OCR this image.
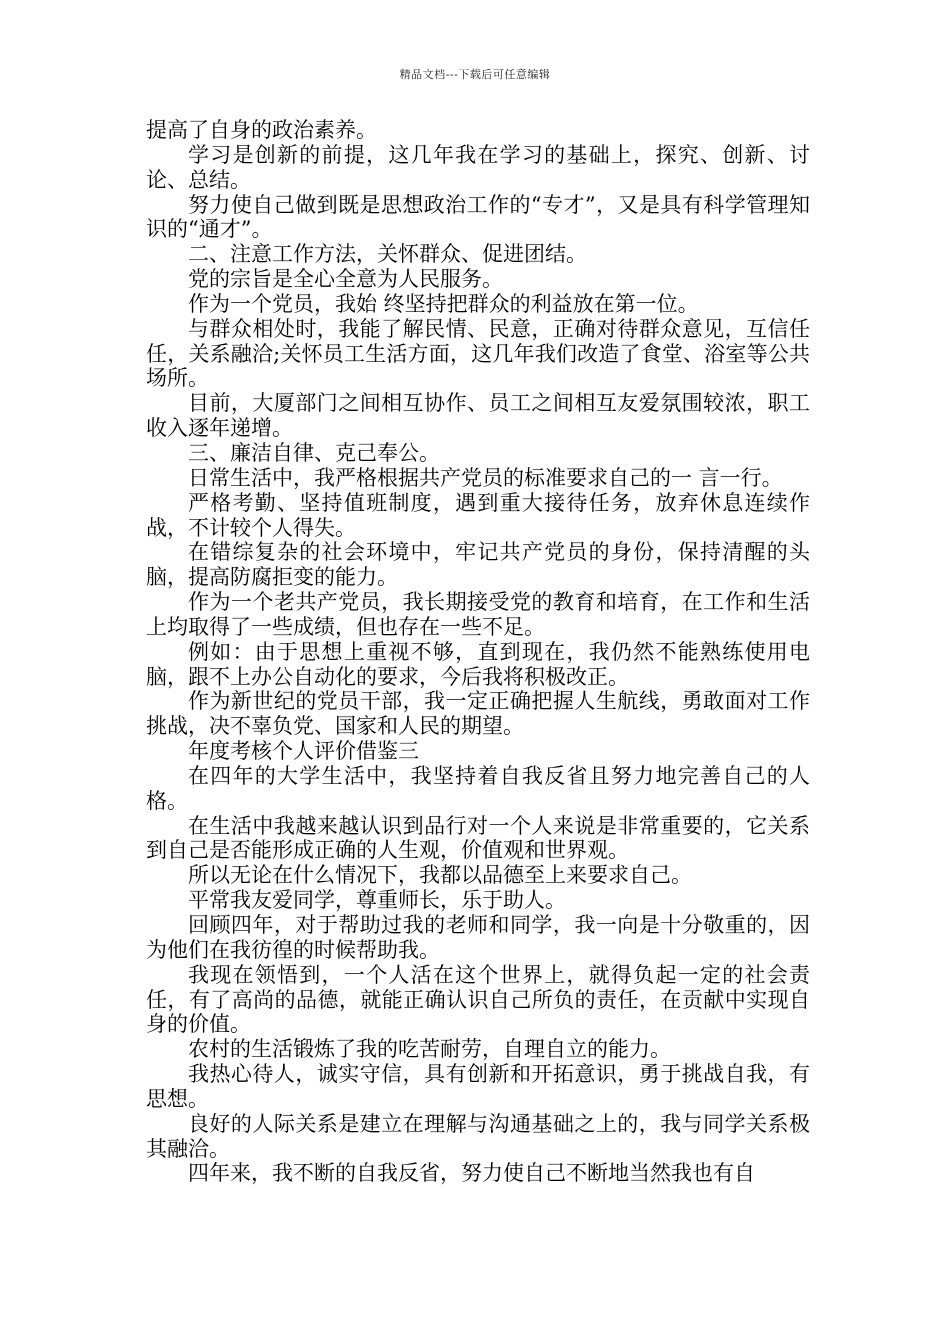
精品文档---下载后可任意编辑

提高了自身的政治素养。

学习是创新的前提，这几年我在学习的基础上，探究、创新、讨论、总结。

努力使自己做到既是思想政治工作的“专才”，又是具有科学管理知识的“通才”。

二、注意工作方法，关怀群众、促进团结。

党的宗旨是全心全意为人民服务。

作为一个党员，我始 终坚持把群众的利益放在第一位。

与群众相处时，我能了解民情、民意，正确对待群众意见，互信任任，关系融洽;关怀员工生活方面，这几年我们改造了食堂、浴室等公共场所。

目前，大厦部门之间相互协作、员工之间相互友爱氛围较浓，职工收入逐年递增。

三、廉洁自律、克己奉公。

日常生活中，我严格根据共产党员的标准要求自己的一 言一行。

严格考勤、坚持值班制度，遇到重大接待任务，放弃休息连续作战，不计较个人得失。

在错综复杂的社会环境中，牢记共产党员的身份，保持清醒的头脑，提高防腐拒变的能力。

作为一个老共产党员，我长期接受党的教育和培育，在工作和生活上均取得了一些成绩，但也存在一些不足。

例如：由于思想上重视不够，直到现在，我仍然不能熟练使用电脑，跟不上办公自动化的要求，今后我将积极改正。

作为新世纪的党员干部，我一定正确把握人生航线，勇敢面对工作挑战，决不辜负党、国家和人民的期望。

年度考核个人评价借鉴三

在四年的大学生活中，我坚持着自我反省且努力地完善自己的人格。

在生活中我越来越认识到品行对一个人来说是非常重要的，它关系到自己是否能形成正确的人生观，价值观和世界观。

所以无论在什么情况下，我都以品德至上来要求自己。

平常我友爱同学，尊重师长，乐于助人。

回顾四年，对于帮助过我的老师和同学，我一向是十分敬重的，因为他们在我彷徨的时候帮助我。

我现在领悟到，一个人活在这个世界上，就得负起一定的社会责任，有了高尚的品德，就能正确认识自己所负的责任，在贡献中实现自身的价值。

农村的生活锻炼了我的吃苦耐劳，自理自立的能力。

我热心待人，诚实守信，具有创新和开拓意识，勇于挑战自我，有思想。

良好的人际关系是建立在理解与沟通基础之上的，我与同学关系极其融洽。

四年来，我不断的自我反省，努力使自己不断地当然我也有自
